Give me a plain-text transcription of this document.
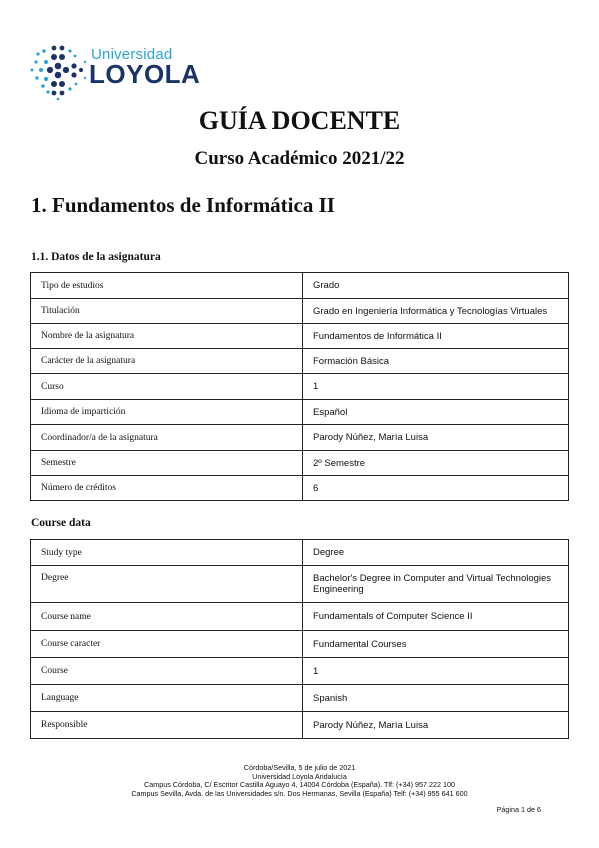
Universidad
LOYOLA
GUÍA DOCENTE
Curso Académico 2021/22
1. Fundamentos de Informática II
1.1. Datos de la asignatura
Tipo de estudios	Grado
Titulación	Grado en Ingeniería Informática y Tecnologías Virtuales
Nombre de la asignatura	Fundamentos de Informática II
Carácter de la asignatura	Formación Básica
Curso	1
Idioma de impartición	Español
Coordinador/a de la asignatura	Parody Núñez, María Luisa
Semestre	2º Semestre
Número de créditos	6
Course data
Study type	Degree
Degree	Bachelor's Degree in Computer and Virtual Technologies Engineering
Course name	Fundamentals of Computer Science II
Course caracter	Fundamental Courses
Course	1
Language	Spanish
Responsible	Parody Núñez, María Luisa
Córdoba/Sevilla, 5 de julio de 2021
Universidad Loyola Andalucía
Campus Córdoba, C/ Escritor Castilla Aguayo 4, 14004 Córdoba (España). Tlf: (+34) 957 222 100
Campus Sevilla, Avda. de las Universidades s/n. Dos Hermanas, Sevilla (España) Telf: (+34) 955 641 600
Página 1 de 6
